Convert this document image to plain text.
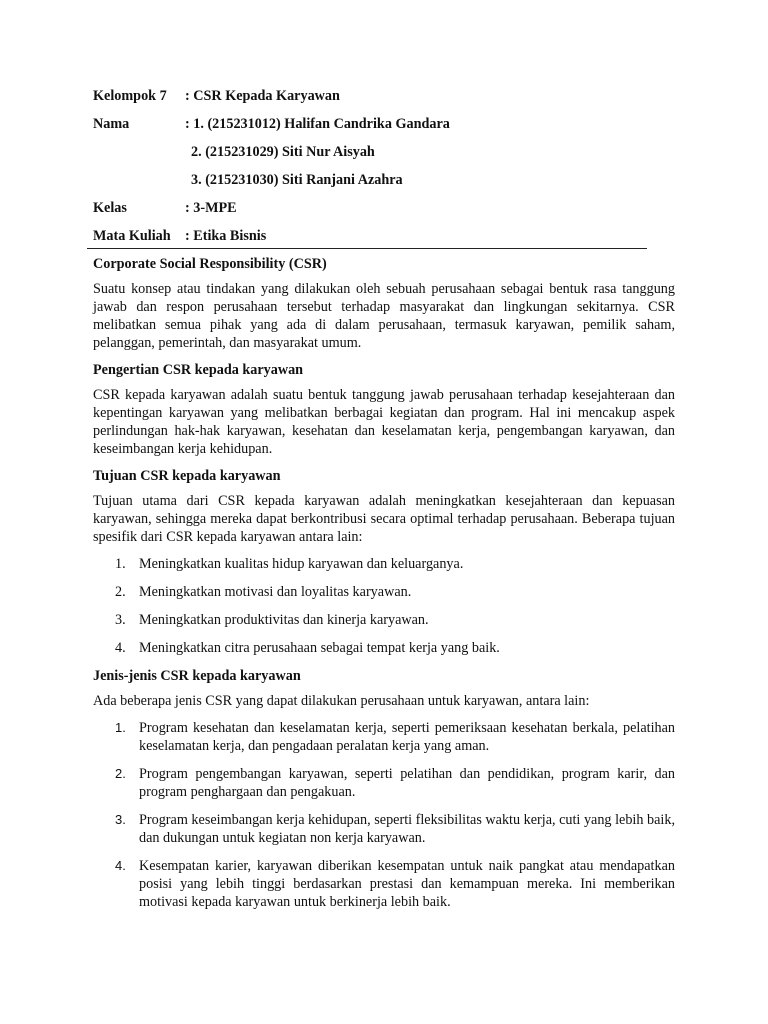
Kelompok 7	: CSR Kepada Karyawan
Nama	: 1. (215231012) Halifan Candrika Gandara
2. (215231029) Siti Nur Aisyah
3. (215231030) Siti Ranjani Azahra
Kelas	: 3-MPE
Mata Kuliah	: Etika Bisnis
Corporate Social Responsibility (CSR)

Suatu konsep atau tindakan yang dilakukan oleh sebuah perusahaan sebagai bentuk rasa tanggung jawab dan respon perusahaan tersebut terhadap masyarakat dan lingkungan sekitarnya. CSR melibatkan semua pihak yang ada di dalam perusahaan, termasuk karyawan, pemilik saham, pelanggan, pemerintah, dan masyarakat umum.

Pengertian CSR kepada karyawan

CSR kepada karyawan adalah suatu bentuk tanggung jawab perusahaan terhadap kesejahteraan dan kepentingan karyawan yang melibatkan berbagai kegiatan dan program. Hal ini mencakup aspek perlindungan hak-hak karyawan, kesehatan dan keselamatan kerja, pengembangan karyawan, dan keseimbangan kerja kehidupan.

Tujuan CSR kepada karyawan

Tujuan utama dari CSR kepada karyawan adalah meningkatkan kesejahteraan dan kepuasan karyawan, sehingga mereka dapat berkontribusi secara optimal terhadap perusahaan. Beberapa tujuan spesifik dari CSR kepada karyawan antara lain:

1. Meningkatkan kualitas hidup karyawan dan keluarganya.
2. Meningkatkan motivasi dan loyalitas karyawan.
3. Meningkatkan produktivitas dan kinerja karyawan.
4. Meningkatkan citra perusahaan sebagai tempat kerja yang baik.
Jenis-jenis CSR kepada karyawan

Ada beberapa jenis CSR yang dapat dilakukan perusahaan untuk karyawan, antara lain:

1. Program kesehatan dan keselamatan kerja, seperti pemeriksaan kesehatan berkala, pelatihan keselamatan kerja, dan pengadaan peralatan kerja yang aman.
2. Program pengembangan karyawan, seperti pelatihan dan pendidikan, program karir, dan program penghargaan dan pengakuan.
3. Program keseimbangan kerja kehidupan, seperti fleksibilitas waktu kerja, cuti yang lebih baik, dan dukungan untuk kegiatan non kerja karyawan.
4. Kesempatan karier, karyawan diberikan kesempatan untuk naik pangkat atau mendapatkan posisi yang lebih tinggi berdasarkan prestasi dan kemampuan mereka. Ini memberikan motivasi kepada karyawan untuk berkinerja lebih baik.
